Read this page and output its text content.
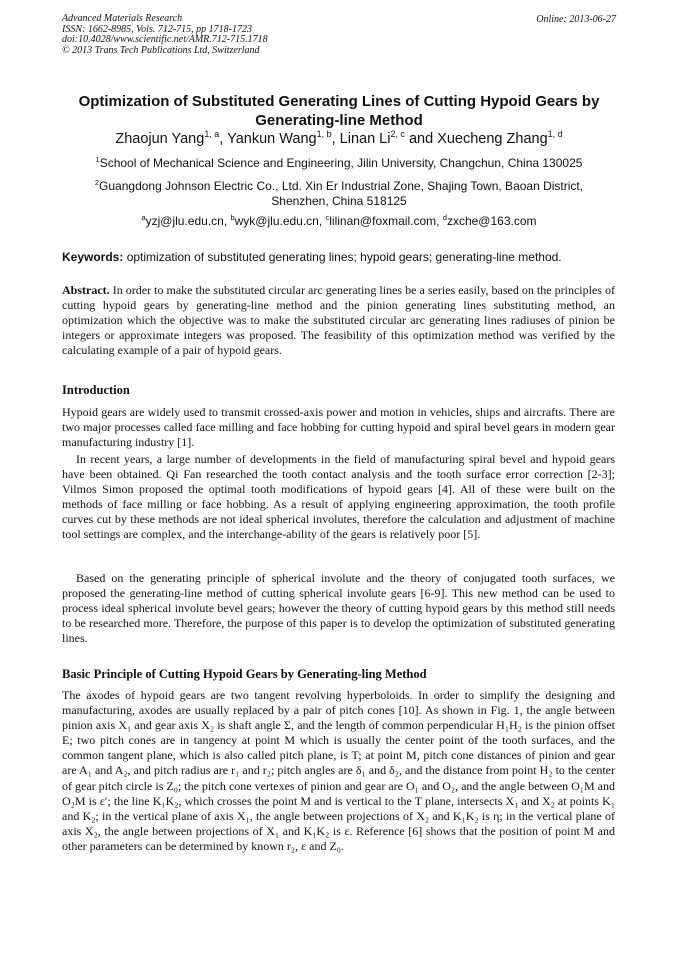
Advanced Materials Research
ISSN: 1662-8985, Vols. 712-715, pp 1718-1723
doi:10.4028/www.scientific.net/AMR.712-715.1718
© 2013 Trans Tech Publications Ltd, Switzerland
Online: 2013-06-27
Optimization of Substituted Generating Lines of Cutting Hypoid Gears by
Generating-line Method
Zhaojun Yang$^{1, a}$, Yankun Wang$^{1, b}$, Linan Li$^{2, c}$ and Xuecheng Zhang$^{1, d}$
$^1$School of Mechanical Science and Engineering, Jilin University, Changchun, China 130025
$^2$Guangdong Johnson Electric Co., Ltd. Xin Er Industrial Zone, Shajing Town, Baoan District,
Shenzhen, China 518125
$^a$yzj@jlu.edu.cn, $^b$wyk@jlu.edu.cn, $^c$lilinan@foxmail.com, $^d$zxche@163.com
Keywords: optimization of substituted generating lines; hypoid gears; generating-line method.
Abstract. In order to make the substituted circular arc generating lines be a series easily, based on the principles of cutting hypoid gears by generating-line method and the pinion generating lines substituting method, an optimization which the objective was to make the substituted circular arc generating lines radiuses of pinion be integers or approximate integers was proposed. The feasibility of this optimization method was verified by the calculating example of a pair of hypoid gears.
Introduction
Hypoid gears are widely used to transmit crossed-axis power and motion in vehicles, ships and aircrafts. There are two major processes called face milling and face hobbing for cutting hypoid and spiral bevel gears in modern gear manufacturing industry [1].
In recent years, a large number of developments in the field of manufacturing spiral bevel and hypoid gears have been obtained. Qi Fan researched the tooth contact analysis and the tooth surface error correction [2-3]; Vilmos Simon proposed the optimal tooth modifications of hypoid gears [4]. All of these were built on the methods of face milling or face hobbing. As a result of applying engineering approximation, the tooth profile curves cut by these methods are not ideal spherical involutes, therefore the calculation and adjustment of machine tool settings are complex, and the interchange-ability of the gears is relatively poor [5].
Based on the generating principle of spherical involute and the theory of conjugated tooth surfaces, we proposed the generating-line method of cutting spherical involute gears [6-9]. This new method can be used to process ideal spherical involute bevel gears; however the theory of cutting hypoid gears by this method still needs to be researched more. Therefore, the purpose of this paper is to develop the optimization of substituted generating lines.
Basic Principle of Cutting Hypoid Gears by Generating-ling Method
The axodes of hypoid gears are two tangent revolving hyperboloids. In order to simplify the designing and manufacturing, axodes are usually replaced by a pair of pitch cones [10]. As shown in Fig. 1, the angle between pinion axis X₁ and gear axis X₂ is shaft angle Σ, and the length of common perpendicular H₁H₂ is the pinion offset E; two pitch cones are in tangency at point M which is usually the center point of the tooth surfaces, and the common tangent plane, which is also called pitch plane, is T; at point M, pitch cone distances of pinion and gear are A₁ and A₂, and pitch radius are r₁ and r₂; pitch angles are δ₁ and δ₂, and the distance from point H₂ to the center of gear pitch circle is Z₀; the pitch cone vertexes of pinion and gear are O₁ and O₂, and the angle between O₁M and O₂M is ε′; the line K₁K₂, which crosses the point M and is vertical to the T plane, intersects X₁ and X₂ at points K₁ and K₂; in the vertical plane of axis X₁, the angle between projections of X₂ and K₁K₂ is η; in the vertical plane of axis X₂, the angle between projections of X₁ and K₁K₂ is ε. Reference [6] shows that the position of point M and other parameters can be determined by known r₂, ε and Z₀.
